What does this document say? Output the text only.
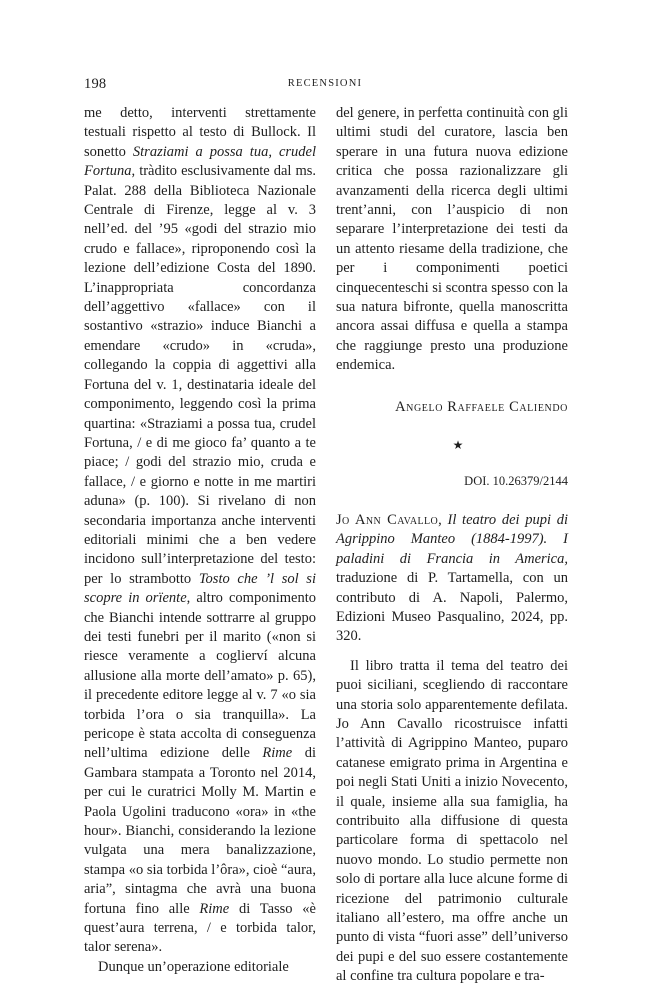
198	RECENSIONI

me detto, interventi strettamente testuali rispetto al testo di Bullock. Il sonetto Straziami a possa tua, crudel Fortuna, tràdito esclusivamente dal ms. Palat. 288 della Biblioteca Nazionale Centrale di Firenze, legge al v. 3 nell’ed. del ’95 «godi del strazio mio crudo e fallace», riproponendo così la lezione dell’edizione Costa del 1890. L’inappropriata concordanza dell’aggettivo «fallace» con il sostantivo «strazio» induce Bianchi a emendare «crudo» in «cruda», collegando la coppia di aggettivi alla Fortuna del v. 1, destinataria ideale del componimento, leggendo così la prima quartina: «Straziami a possa tua, crudel Fortuna, / e di me gioco fa’ quanto a te piace; / godi del strazio mio, cruda e fallace, / e giorno e notte in me martiri aduna» (p. 100). Si rivelano di non secondaria importanza anche interventi editoriali minimi che a ben vedere incidono sull’interpretazione del testo: per lo strambotto Tosto che ’l sol si scopre in orïente, altro componimento che Bianchi intende sottrarre al gruppo dei testi funebri per il marito («non si riesce veramente a coglierví alcuna allusione alla morte dell’amato» p. 65), il precedente editore legge al v. 7 «o sia torbida l’ora o sia tranquilla». La pericope è stata accolta di conseguenza nell’ultima edizione delle Rime di Gambara stampata a Toronto nel 2014, per cui le curatrici Molly M. Martin e Paola Ugolini traducono «ora» in «the hour». Bianchi, considerando la lezione vulgata una mera banalizzazione, stampa «o sia torbida l’ôra», cioè “aura, aria”, sintagma che avrà una buona fortuna fino alle Rime di Tasso «è quest’aura terrena, / e torbida talor, talor serena».

Dunque un’operazione editoriale

del genere, in perfetta continuità con gli ultimi studi del curatore, lascia ben sperare in una futura nuova edizione critica che possa razionalizzare gli avanzamenti della ricerca degli ultimi trent’anni, con l’auspicio di non separare l’interpretazione dei testi da un attento riesame della tradizione, che per i componimenti poetici cinquecenteschi si scontra spesso con la sua natura bifronte, quella manoscritta ancora assai diffusa e quella a stampa che raggiunge presto una produzione endemica.

Angelo Raffaele Caliendo

★

DOI. 10.26379/2144

Jo Ann Cavallo, Il teatro dei pupi di Agrippino Manteo (1884-1997). I paladini di Francia in America, traduzione di P. Tartamella, con un contributo di A. Napoli, Palermo, Edizioni Museo Pasqualino, 2024, pp. 320.

Il libro tratta il tema del teatro dei puoi siciliani, scegliendo di raccontare una storia solo apparentemente defilata. Jo Ann Cavallo ricostruisce infatti l’attività di Agrippino Manteo, puparo catanese emigrato prima in Argentina e poi negli Stati Uniti a inizio Novecento, il quale, insieme alla sua famiglia, ha contribuito alla diffusione di questa particolare forma di spettacolo nel nuovo mondo. Lo studio permette non solo di portare alla luce alcune forme di ricezione del patrimonio culturale italiano all’estero, ma offre anche un punto di vista “fuori asse” dell’universo dei pupi e del suo essere costantemente al confine tra cultura popolare e tra-
